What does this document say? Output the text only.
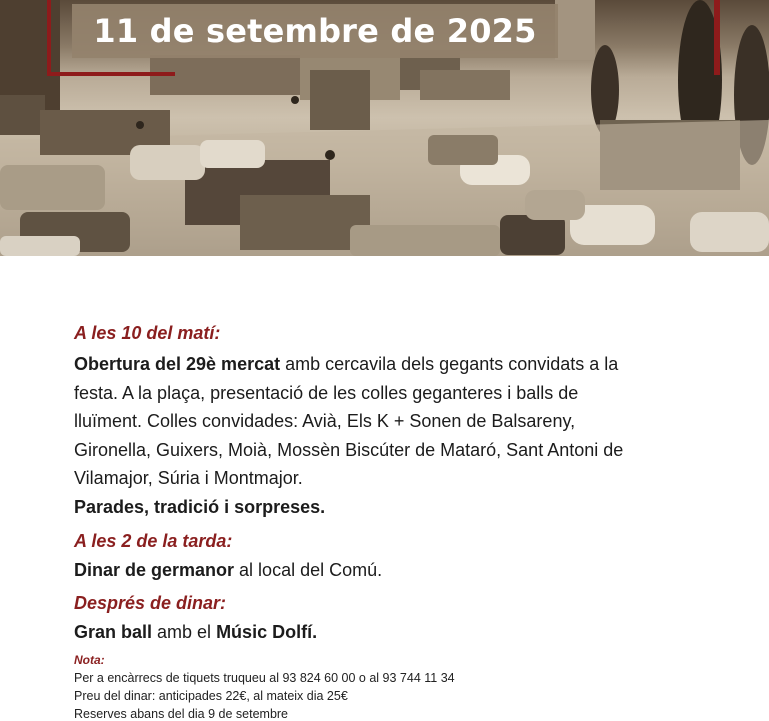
11 de setembre de 2025
A les 10 del matí:
Obertura del 29è mercat amb cercavila dels gegants convidats a la
festa. A la plaça, presentació de les colles geganteres i balls de
lluïment. Colles convidades: Avià, Els K + Sonen de Balsareny,
Gironella, Guixers, Moià, Mossèn Biscúter de Mataró, Sant Antoni de
Vilamajor, Súria i Montmajor.
Parades, tradició i sorpreses.
A les 2 de la tarda:
Dinar de germanor al local del Comú.
Després de dinar:
Gran ball amb el Músic Dolfí.
Nota:
Per a encàrrecs de tiquets truqueu al 93 824 60 00 o al 93 744 11 34
Preu del dinar: anticipades 22€, al mateix dia 25€
Reserves abans del dia 9 de setembre
